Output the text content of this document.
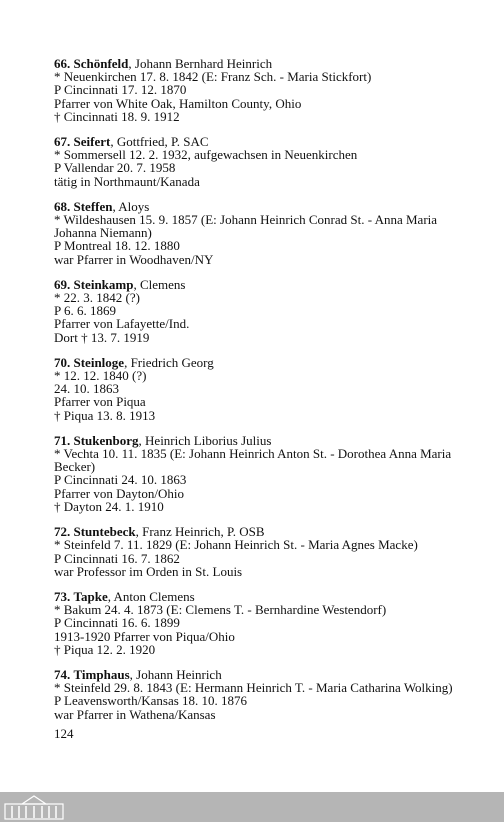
66. Schönfeld, Johann Bernhard Heinrich

* Neuenkirchen 17. 8. 1842 (E: Franz Sch. - Maria Stickfort)

P Cincinnati 17. 12. 1870

Pfarrer von White Oak, Hamilton County, Ohio

† Cincinnati 18. 9. 1912

67. Seifert, Gottfried, P. SAC

* Sommersell 12. 2. 1932, aufgewachsen in Neuenkirchen

P Vallendar 20. 7. 1958

tätig in Northmaunt/Kanada

68. Steffen, Aloys

* Wildeshausen 15. 9. 1857 (E: Johann Heinrich Conrad St. - Anna Maria

Johanna Niemann)

P Montreal 18. 12. 1880

war Pfarrer in Woodhaven/NY

69. Steinkamp, Clemens

* 22. 3. 1842 (?)

P 6. 6. 1869

Pfarrer von Lafayette/Ind.

Dort † 13. 7. 1919

70. Steinloge, Friedrich Georg

* 12. 12. 1840 (?)

24. 10. 1863

Pfarrer von Piqua

† Piqua 13. 8. 1913

71. Stukenborg, Heinrich Liborius Julius

* Vechta 10. 11. 1835 (E: Johann Heinrich Anton St. - Dorothea Anna Maria

Becker)

P Cincinnati 24. 10. 1863

Pfarrer von Dayton/Ohio

† Dayton 24. 1. 1910

72. Stuntebeck, Franz Heinrich, P. OSB

* Steinfeld 7. 11. 1829 (E: Johann Heinrich St. - Maria Agnes Macke)

P Cincinnati 16. 7. 1862

war Professor im Orden in St. Louis

73. Tapke, Anton Clemens

* Bakum 24. 4. 1873 (E: Clemens T. - Bernhardine Westendorf)

P Cincinnati 16. 6. 1899

1913-1920 Pfarrer von Piqua/Ohio

† Piqua 12. 2. 1920

74. Timphaus, Johann Heinrich

* Steinfeld 29. 8. 1843 (E: Hermann Heinrich T. - Maria Catharina Wolking)

P Leavensworth/Kansas 18. 10. 1876

war Pfarrer in Wathena/Kansas

124
